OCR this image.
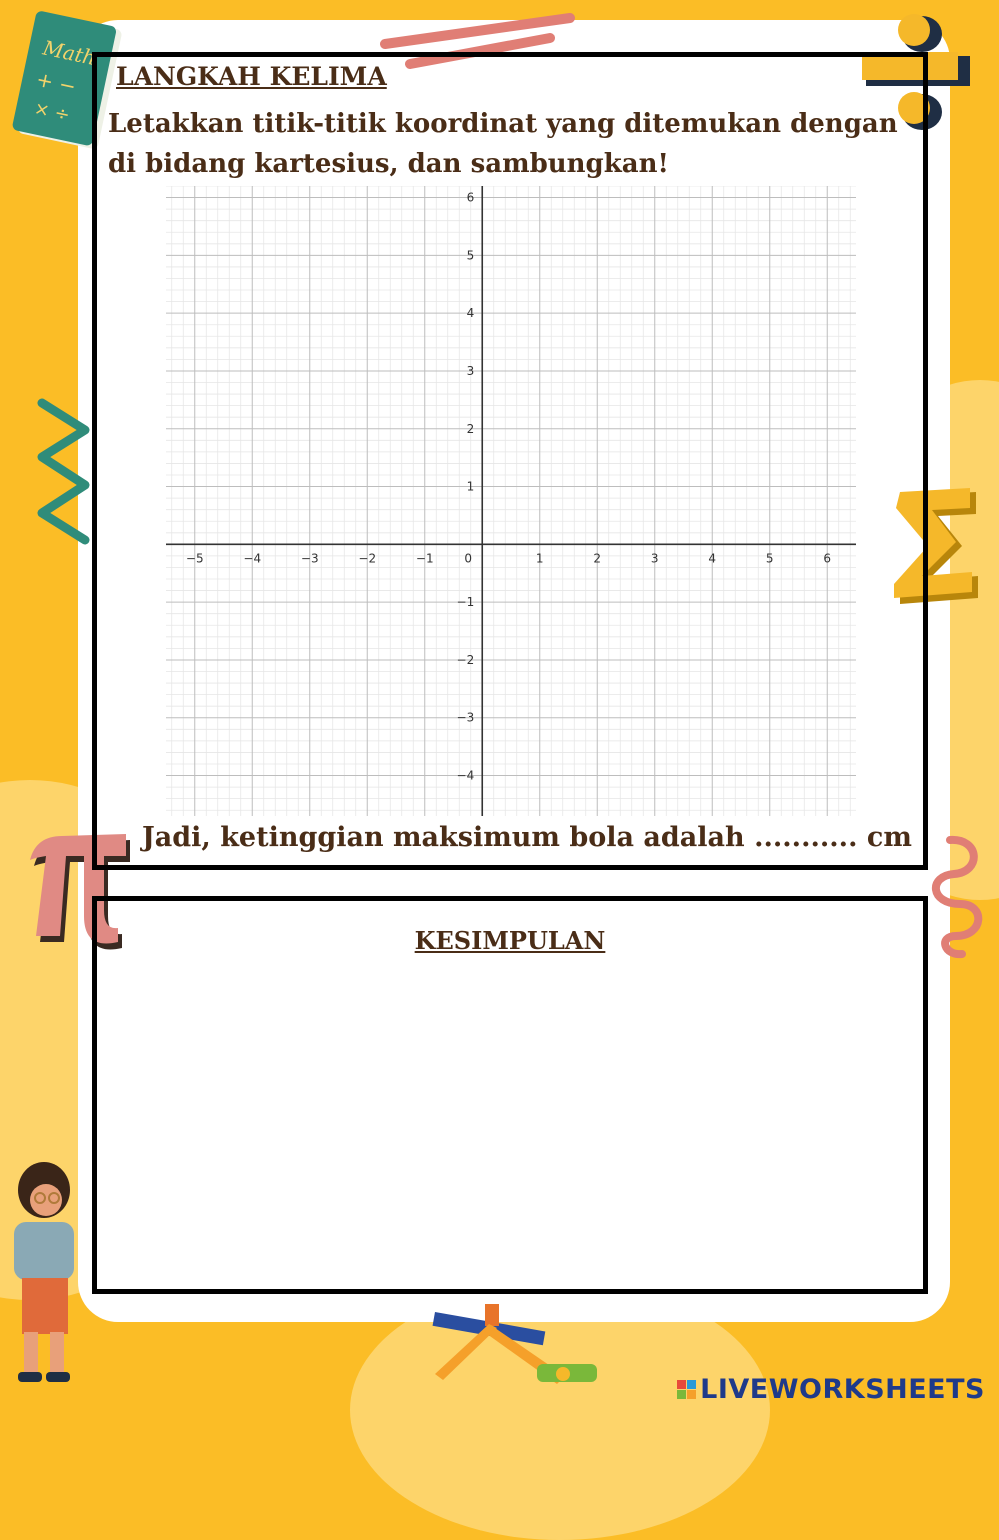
Math
+ −
× ÷
LANGKAH KELIMA

Letakkan titik-titik koordinat yang ditemukan dengan di bidang kartesius, dan sambungkan!

−5	−4	−3	−2	−1	0	1	2	3	4	5	6
6
5
4
3
2
1
−1
−2
−3
−4

Jadi, ketinggian maksimum bola adalah ........... cm

KESIMPULAN
LIVEWORKSHEETS
